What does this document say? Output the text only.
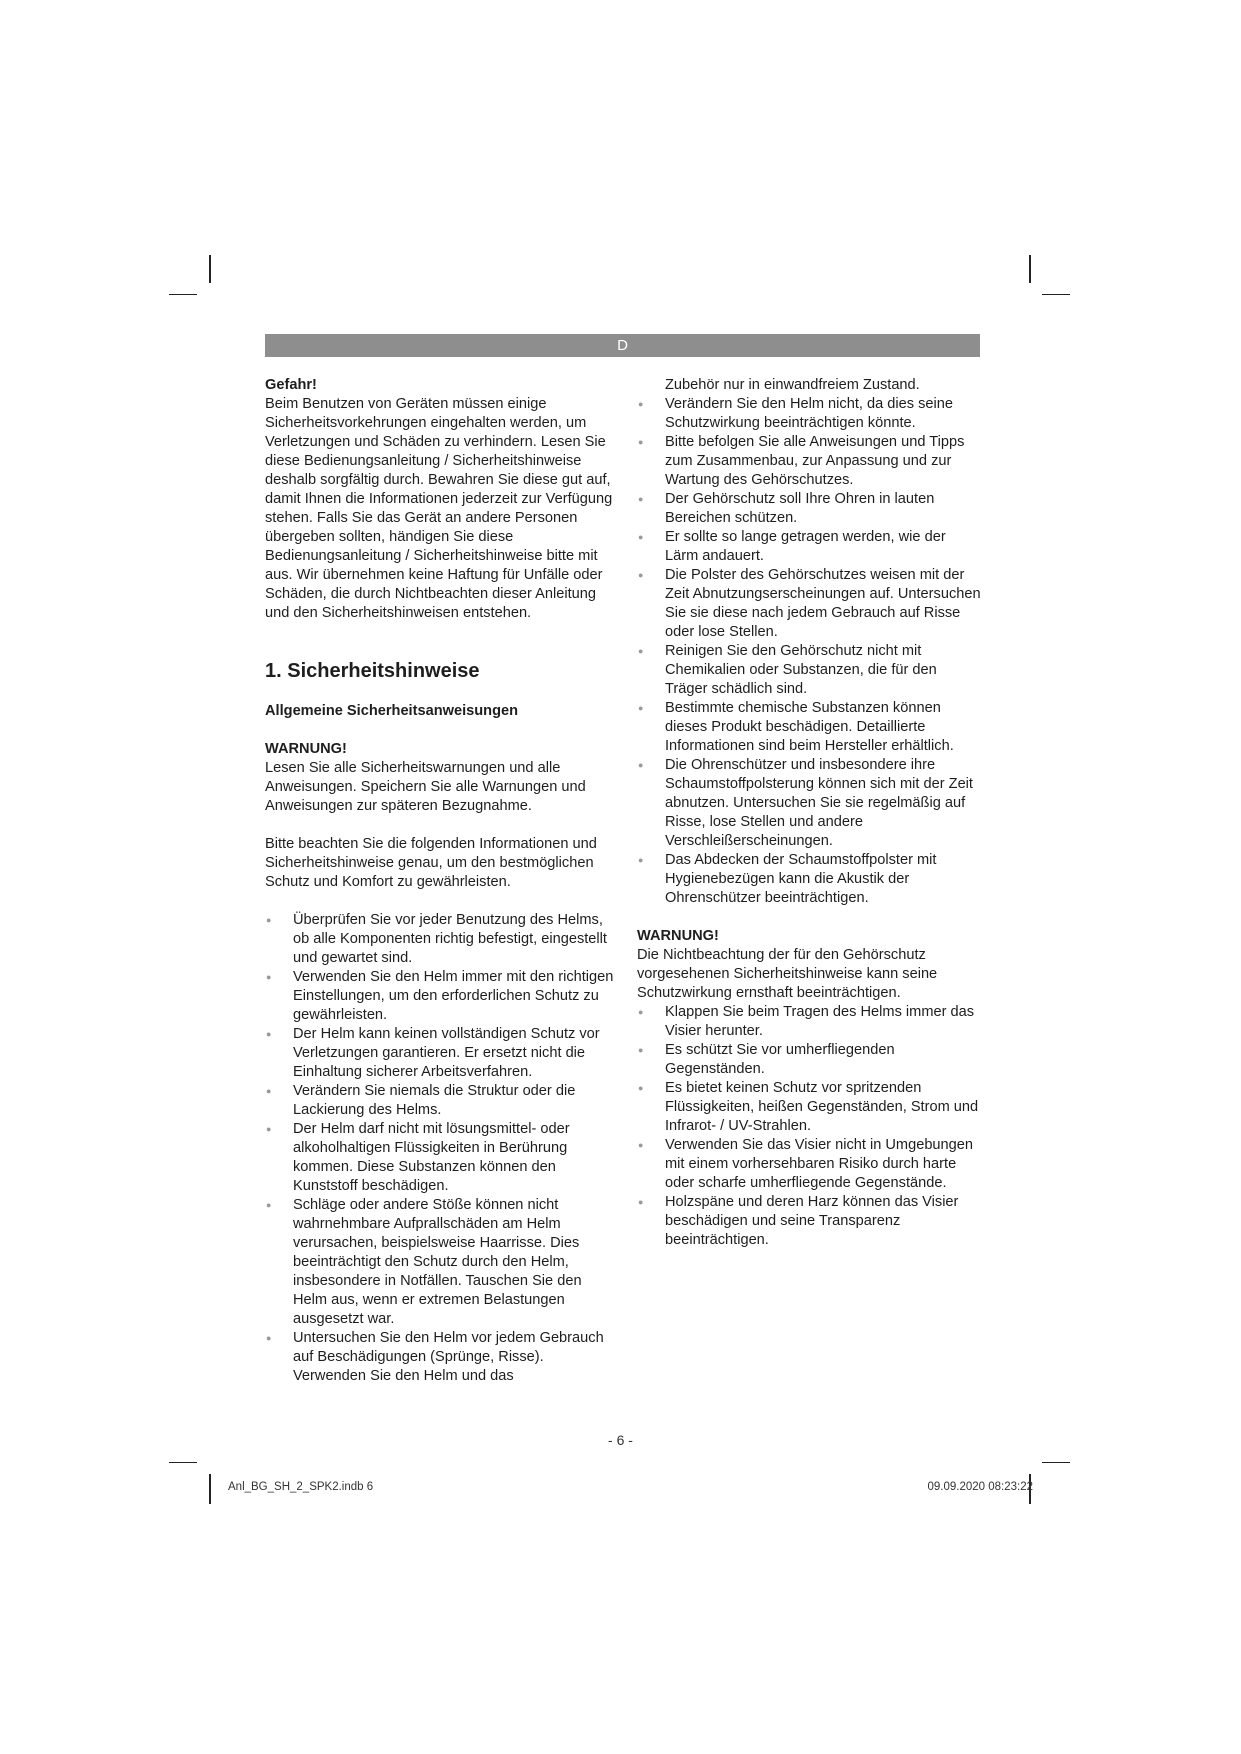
D

Gefahr!

Beim Benutzen von Geräten müssen einige Sicherheitsvorkehrungen eingehalten werden, um Verletzungen und Schäden zu verhindern. Lesen Sie diese Bedienungsanleitung / Sicherheitshinweise deshalb sorgfältig durch. Bewahren Sie diese gut auf, damit Ihnen die Informationen jederzeit zur Verfügung stehen. Falls Sie das Gerät an andere Personen übergeben sollten, händigen Sie diese Bedienungsanleitung / Sicherheitshinweise bitte mit aus. Wir übernehmen keine Haftung für Unfälle oder Schäden, die durch Nichtbeachten dieser Anleitung und den Sicherheitshinweisen entstehen.

1. Sicherheitshinweise

Allgemeine Sicherheitsanweisungen

WARNUNG!

Lesen Sie alle Sicherheitswarnungen und alle Anweisungen. Speichern Sie alle Warnungen und Anweisungen zur späteren Bezugnahme.

Bitte beachten Sie die folgenden Informationen und Sicherheitshinweise genau, um den bestmöglichen Schutz und Komfort zu gewährleisten.

● Überprüfen Sie vor jeder Benutzung des Helms, ob alle Komponenten richtig befestigt, eingestellt und gewartet sind.
● Verwenden Sie den Helm immer mit den richtigen Einstellungen, um den erforderlichen Schutz zu gewährleisten.
● Der Helm kann keinen vollständigen Schutz vor Verletzungen garantieren. Er ersetzt nicht die Einhaltung sicherer Arbeitsverfahren.
● Verändern Sie niemals die Struktur oder die Lackierung des Helms.
● Der Helm darf nicht mit lösungsmittel- oder alkoholhaltigen Flüssigkeiten in Berührung kommen. Diese Substanzen können den Kunststoff beschädigen.
● Schläge oder andere Stöße können nicht wahrnehmbare Aufprallschäden am Helm verursachen, beispielsweise Haarrisse. Dies beeinträchtigt den Schutz durch den Helm, insbesondere in Notfällen. Tauschen Sie den Helm aus, wenn er extremen Belastungen ausgesetzt war.
● Untersuchen Sie den Helm vor jedem Gebrauch auf Beschädigungen (Sprünge, Risse). Verwenden Sie den Helm und das

Zubehör nur in einwandfreiem Zustand.

● Verändern Sie den Helm nicht, da dies seine Schutzwirkung beeinträchtigen könnte.
● Bitte befolgen Sie alle Anweisungen und Tipps zum Zusammenbau, zur Anpassung und zur Wartung des Gehörschutzes.
● Der Gehörschutz soll Ihre Ohren in lauten Bereichen schützen.
● Er sollte so lange getragen werden, wie der Lärm andauert.
● Die Polster des Gehörschutzes weisen mit der Zeit Abnutzungserscheinungen auf. Untersuchen Sie sie diese nach jedem Gebrauch auf Risse oder lose Stellen.
● Reinigen Sie den Gehörschutz nicht mit Chemikalien oder Substanzen, die für den Träger schädlich sind.
● Bestimmte chemische Substanzen können dieses Produkt beschädigen. Detaillierte Informationen sind beim Hersteller erhältlich.
● Die Ohrenschützer und insbesondere ihre Schaumstoffpolsterung können sich mit der Zeit abnutzen. Untersuchen Sie sie regelmäßig auf Risse, lose Stellen und andere Verschleißerscheinungen.
● Das Abdecken der Schaumstoffpolster mit Hygienebezügen kann die Akustik der Ohrenschützer beeinträchtigen.

WARNUNG!

Die Nichtbeachtung der für den Gehörschutz vorgesehenen Sicherheitshinweise kann seine Schutzwirkung ernsthaft beeinträchtigen.

● Klappen Sie beim Tragen des Helms immer das Visier herunter.
● Es schützt Sie vor umherfliegenden Gegenständen.
● Es bietet keinen Schutz vor spritzenden Flüssigkeiten, heißen Gegenständen, Strom und Infrarot- / UV-Strahlen.
● Verwenden Sie das Visier nicht in Umgebungen mit einem vorhersehbaren Risiko durch harte oder scharfe umherfliegende Gegenstände.
● Holzspäne und deren Harz können das Visier beschädigen und seine Transparenz beeinträchtigen.
- 6 -
Anl_BG_SH_2_SPK2.indb 6	09.09.2020 08:23:22
